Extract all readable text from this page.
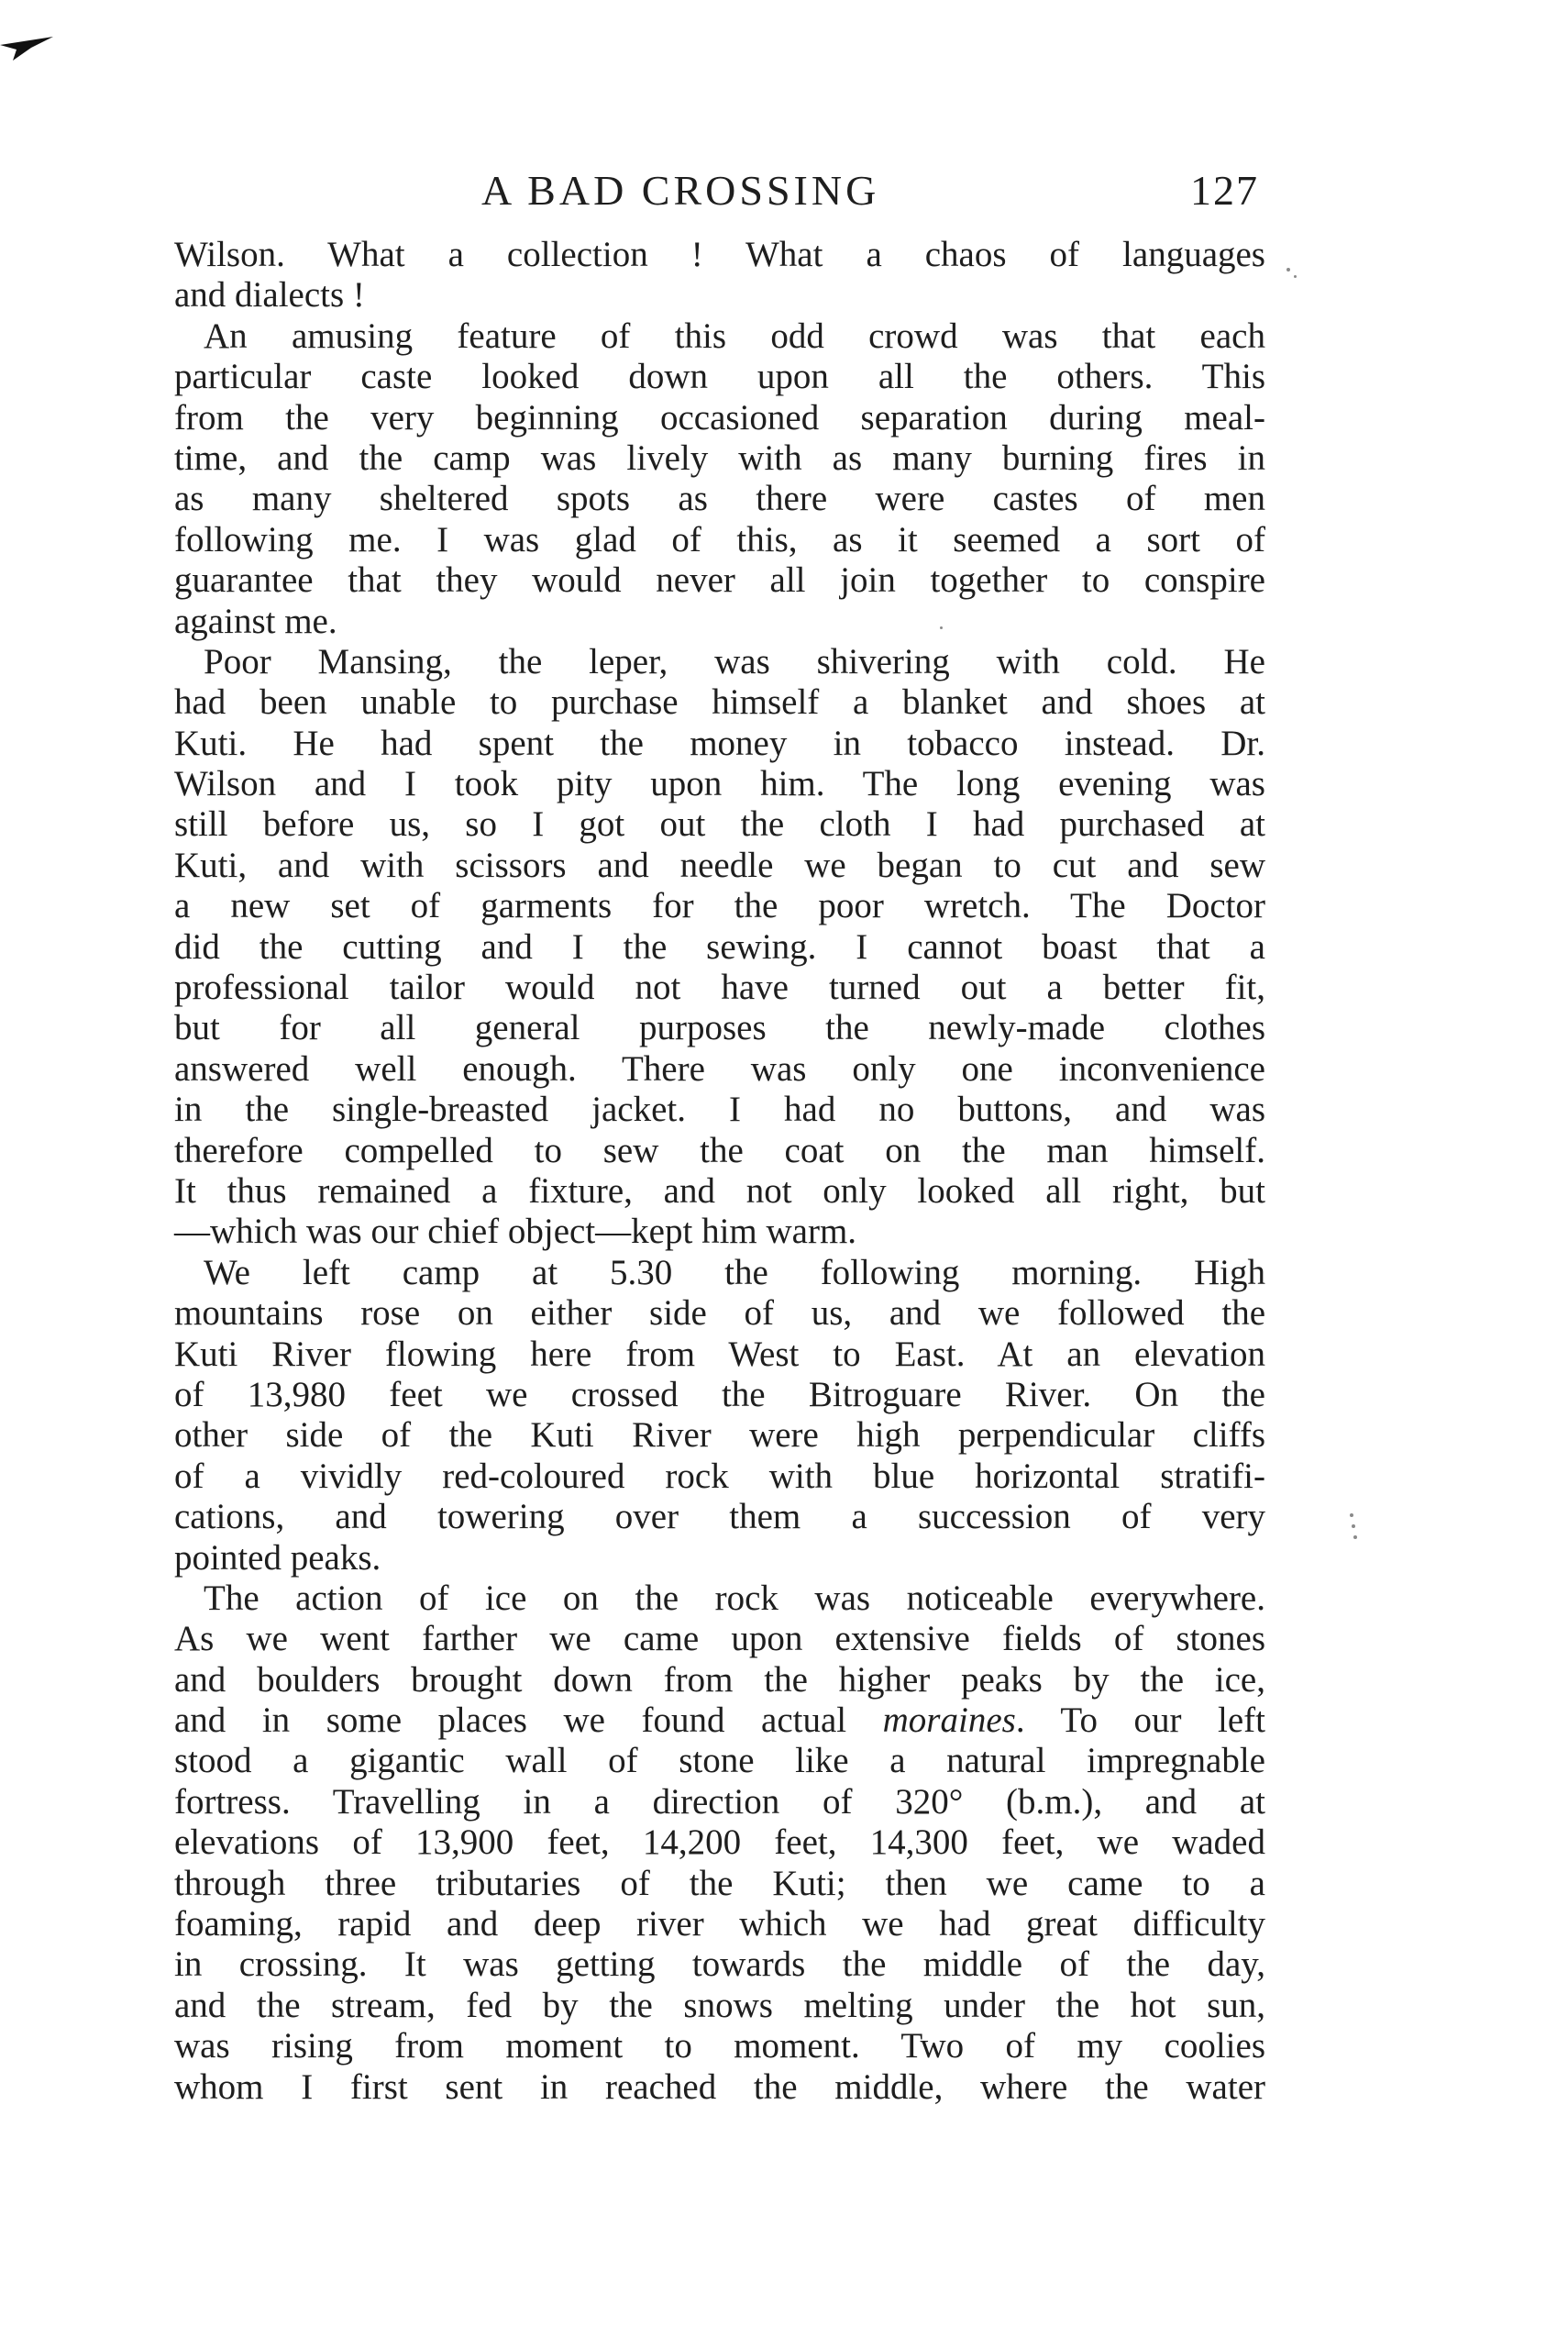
A BAD CROSSING	127

Wilson. What a collection ! What a chaos of languages
and dialects !

An amusing feature of this odd crowd was that each
particular caste looked down upon all the others. This
from the very beginning occasioned separation during meal-
time, and the camp was lively with as many burning fires in
as many sheltered spots as there were castes of men
following me. I was glad of this, as it seemed a sort of
guarantee that they would never all join together to conspire
against me.

Poor Mansing, the leper, was shivering with cold. He
had been unable to purchase himself a blanket and shoes at
Kuti. He had spent the money in tobacco instead. Dr.
Wilson and I took pity upon him. The long evening was
still before us, so I got out the cloth I had purchased at
Kuti, and with scissors and needle we began to cut and sew
a new set of garments for the poor wretch. The Doctor
did the cutting and I the sewing. I cannot boast that a
professional tailor would not have turned out a better fit,
but for all general purposes the newly-made clothes
answered well enough. There was only one inconvenience
in the single-breasted jacket. I had no buttons, and was
therefore compelled to sew the coat on the man himself.
It thus remained a fixture, and not only looked all right, but
—which was our chief object—kept him warm.

We left camp at 5.30 the following morning. High
mountains rose on either side of us, and we followed the
Kuti River flowing here from West to East. At an elevation
of 13,980 feet we crossed the Bitroguare River. On the
other side of the Kuti River were high perpendicular cliffs
of a vividly red-coloured rock with blue horizontal stratifi-
cations, and towering over them a succession of very
pointed peaks.

The action of ice on the rock was noticeable everywhere.
As we went farther we came upon extensive fields of stones
and boulders brought down from the higher peaks by the ice,
and in some places we found actual moraines. To our left
stood a gigantic wall of stone like a natural impregnable
fortress. Travelling in a direction of 320° (b.m.), and at
elevations of 13,900 feet, 14,200 feet, 14,300 feet, we waded
through three tributaries of the Kuti; then we came to a
foaming, rapid and deep river which we had great difficulty
in crossing. It was getting towards the middle of the day,
and the stream, fed by the snows melting under the hot sun,
was rising from moment to moment. Two of my coolies
whom I first sent in reached the middle, where the water
